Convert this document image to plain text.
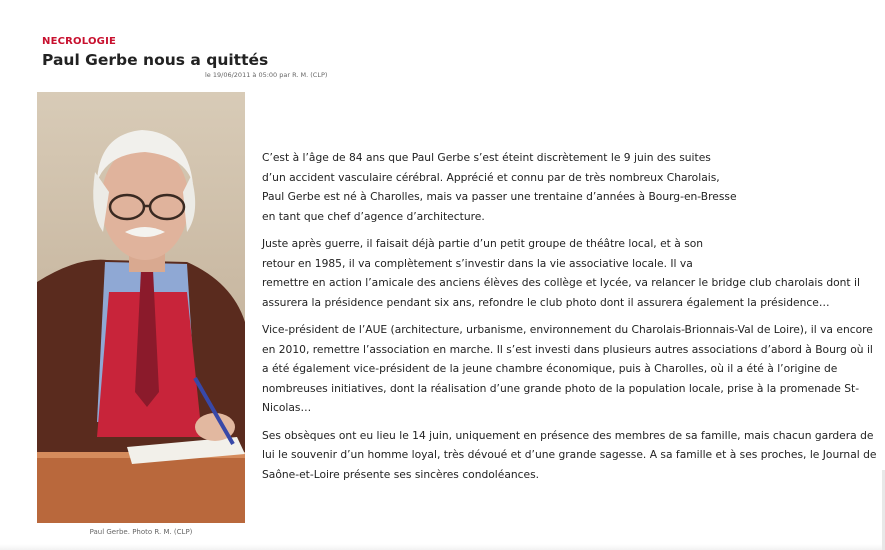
NECROLOGIE
Paul Gerbe nous a quittés
le 19/06/2011 à 05:00 par R. M. (CLP)
Paul Gerbe. Photo R. M. (CLP)

C’est à l’âge de 84 ans que Paul Gerbe s’est éteint discrètement le 9 juin des suites
d’un accident vasculaire cérébral. Apprécié et connu par de très nombreux Charolais,
Paul Gerbe est né à Charolles, mais va passer une trentaine d’années à Bourg-en-Bresse
en tant que chef d’agence d’architecture.

Juste après guerre, il faisait déjà partie d’un petit groupe de théâtre local, et à son
retour en 1985, il va complètement s’investir dans la vie associative locale. Il va
remettre en action l’amicale des anciens élèves des collège et lycée, va relancer le bridge club charolais dont il
assurera la présidence pendant six ans, refondre le club photo dont il assurera également la présidence…

Vice-président de l’AUE (architecture, urbanisme, environnement du Charolais-Brionnais-Val de Loire), il va encore
en 2010, remettre l’association en marche. Il s’est investi dans plusieurs autres associations d’abord à Bourg où il
a été également vice-président de la jeune chambre économique, puis à Charolles, où il a été à l’origine de
nombreuses initiatives, dont la réalisation d’une grande photo de la population locale, prise à la promenade St-
Nicolas…

Ses obsèques ont eu lieu le 14 juin, uniquement en présence des membres de sa famille, mais chacun gardera de
lui le souvenir d’un homme loyal, très dévoué et d’une grande sagesse. A sa famille et à ses proches, le Journal de
Saône-et-Loire présente ses sincères condoléances.
